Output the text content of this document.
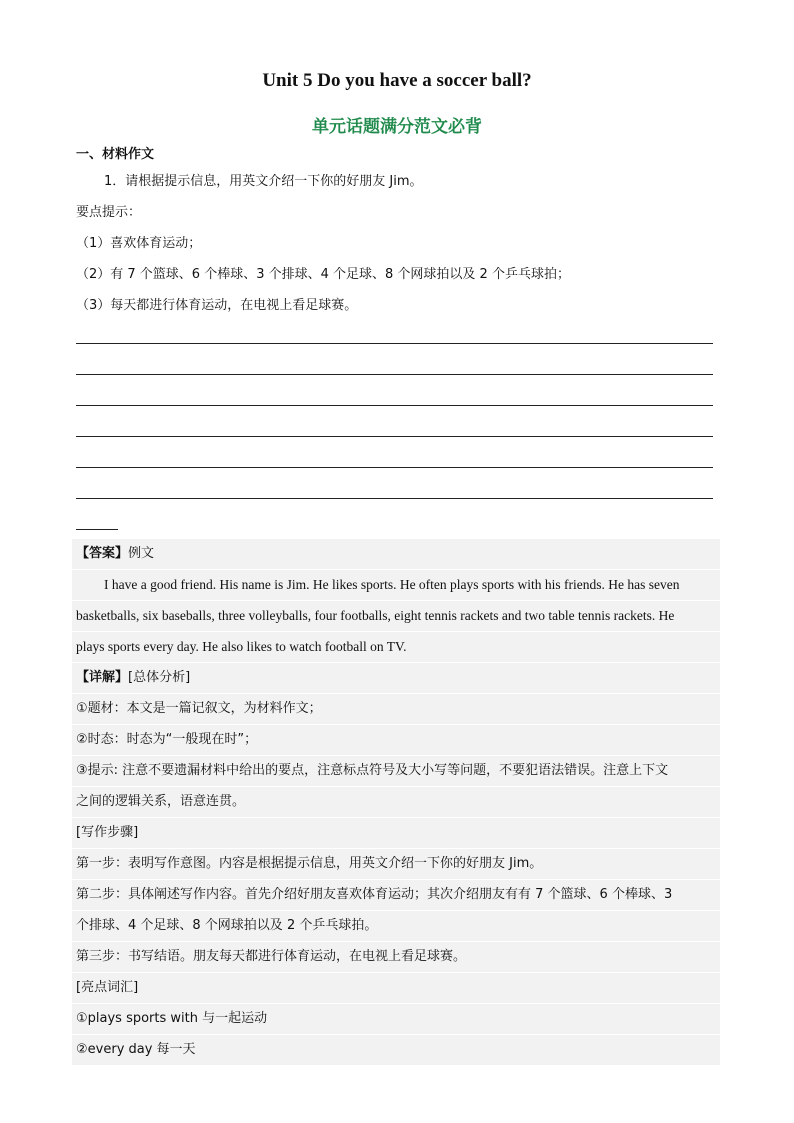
Unit 5 Do you have a soccer ball?
单元话题满分范文必背
一、材料作文
1．请根据提示信息，用英文介绍一下你的好朋友 Jim。
要点提示：
（1）喜欢体育运动；
（2）有 7 个篮球、6 个棒球、3 个排球、4 个足球、8 个网球拍以及 2 个乒乓球拍；
（3）每天都进行体育运动，在电视上看足球赛。
【答案】例文
I have a good friend. His name is Jim. He likes sports. He often plays sports with his friends. He has seven
basketballs, six baseballs, three volleyballs, four footballs, eight tennis rackets and two table tennis rackets. He
plays sports every day. He also likes to watch football on TV.
【详解】[总体分析]
①题材：本文是一篇记叙文，为材料作文；
②时态：时态为“一般现在时”；
③提示: 注意不要遗漏材料中给出的要点，注意标点符号及大小写等问题，不要犯语法错误。注意上下文
之间的逻辑关系，语意连贯。
[写作步骤]
第一步：表明写作意图。内容是根据提示信息，用英文介绍一下你的好朋友 Jim。
第二步：具体阐述写作内容。首先介绍好朋友喜欢体育运动；其次介绍朋友有有 7 个篮球、6 个棒球、3
个排球、4 个足球、8 个网球拍以及 2 个乒乓球拍。
第三步：书写结语。朋友每天都进行体育运动，在电视上看足球赛。
[亮点词汇]
①plays sports with 与一起运动
②every day 每一天
